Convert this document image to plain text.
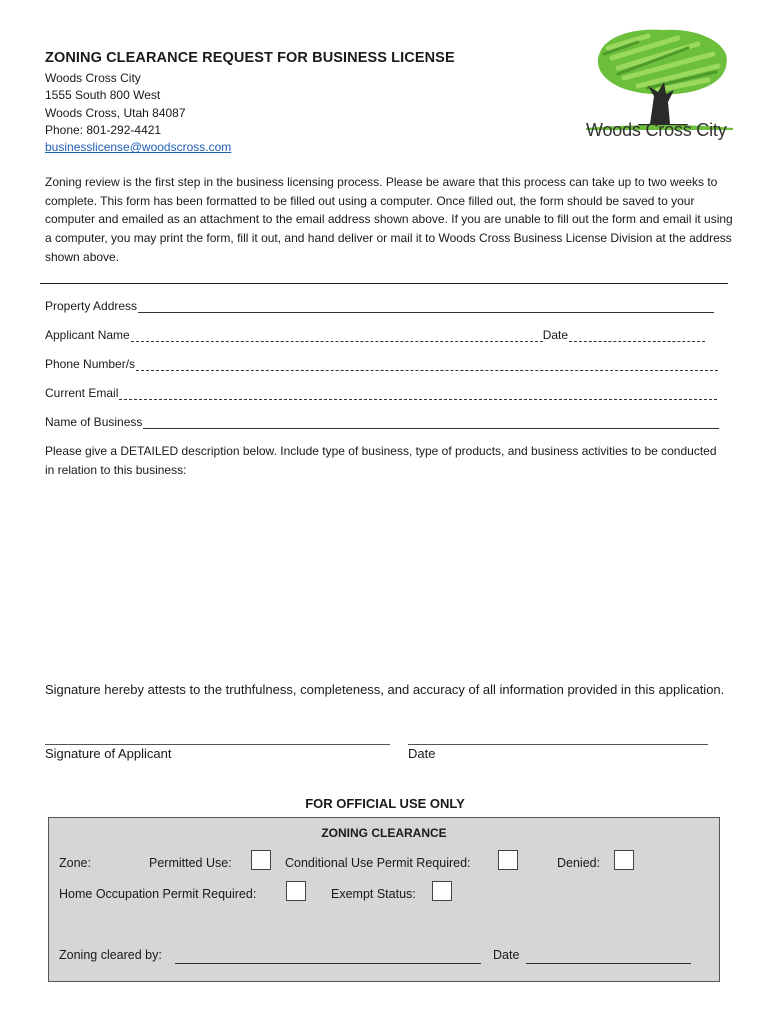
ZONING CLEARANCE REQUEST FOR BUSINESS LICENSE
Woods Cross City
1555 South 800 West
Woods Cross, Utah 84087
Phone: 801-292-4421
businesslicense@woodscross.com
Woods Cross City
Zoning review is the first step in the business licensing process. Please be aware that this process can take up to two weeks to complete. This form has been formatted to be filled out using a computer. Once filled out, the form should be saved to your computer and emailed as an attachment to the email address shown above. If you are unable to fill out the form and email it using a computer, you may print the form, fill it out, and hand deliver or mail it to Woods Cross Business License Division at the address shown above.
Property Address
Applicant Name	Date
Phone Number/s
Current Email
Name of Business
Please give a DETAILED description below. Include type of business, type of products, and business activities to be conducted in relation to this business:
Signature hereby attests to the truthfulness, completeness, and accuracy of all information provided in this application.
Signature of Applicant	Date
FOR OFFICIAL USE ONLY
ZONING CLEARANCE
Zone:	Permitted Use:	Conditional Use Permit Required:	Denied:
Home Occupation Permit Required:	Exempt Status:
Zoning cleared by:	Date
